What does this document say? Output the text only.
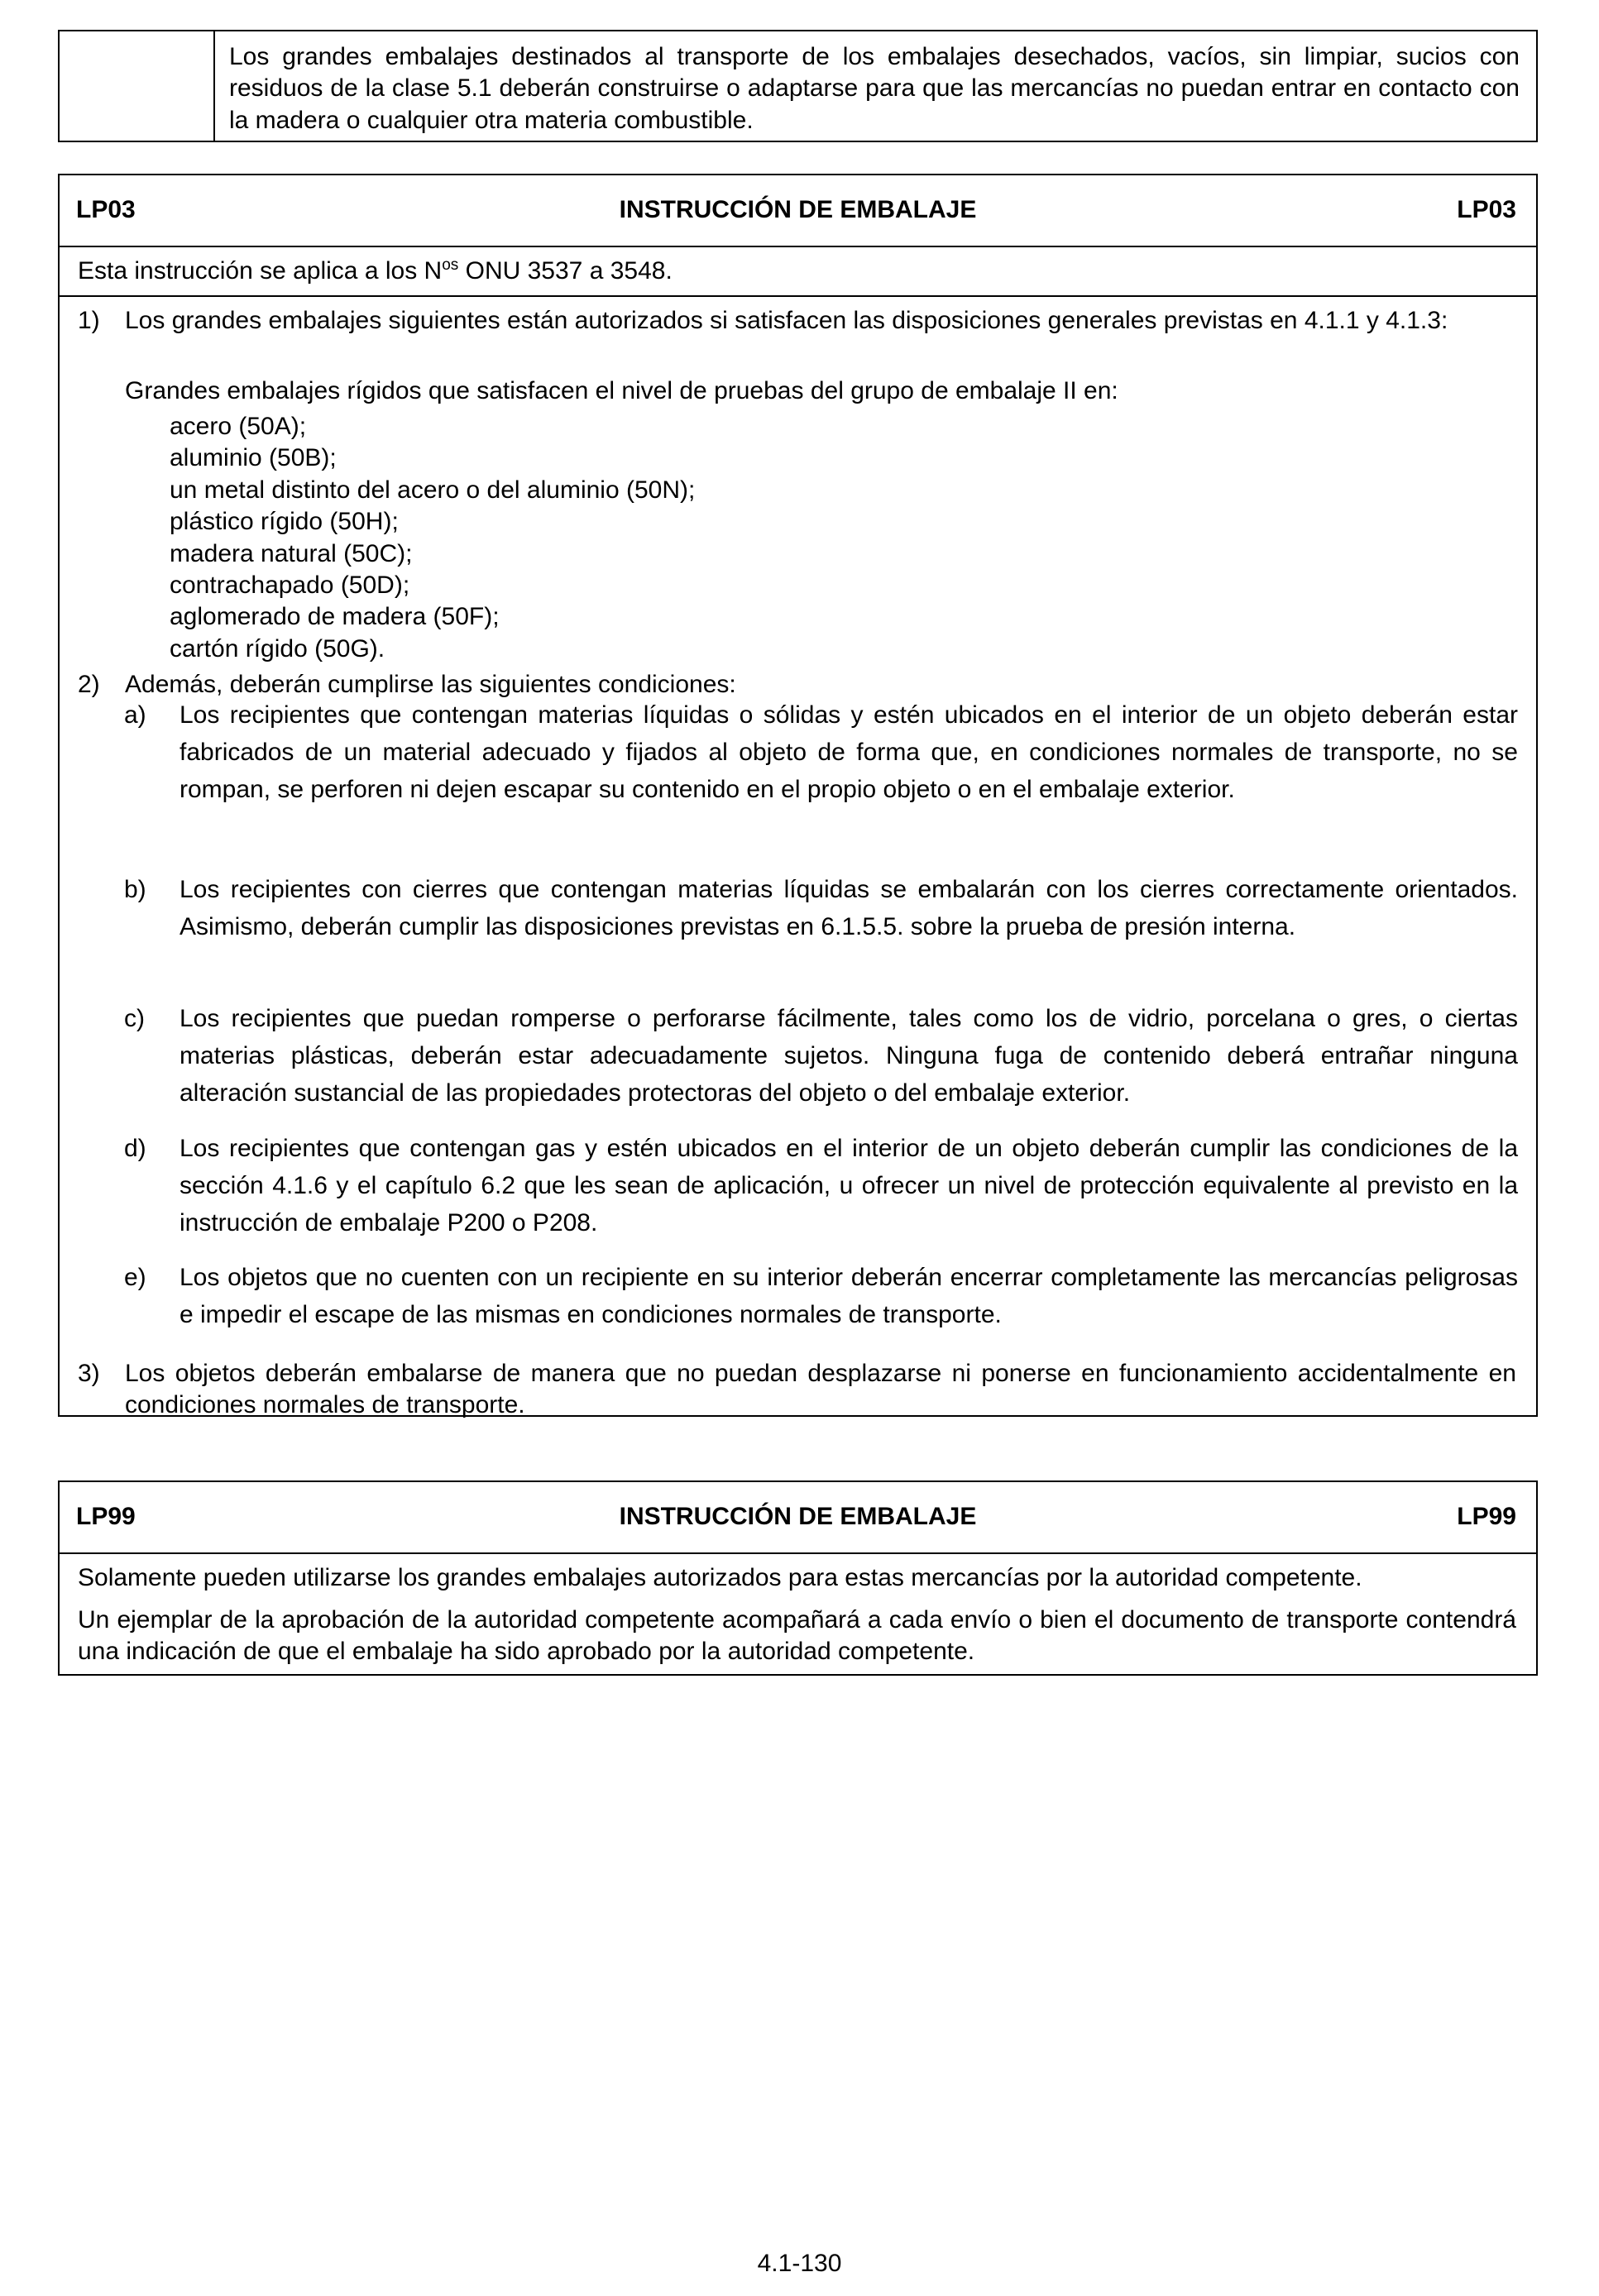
Los grandes embalajes destinados al transporte de los embalajes desechados, vacíos, sin limpiar, sucios con residuos de la clase 5.1 deberán construirse o adaptarse para que las mercancías no puedan entrar en contacto con la madera o cualquier otra materia combustible.
LP03	INSTRUCCIÓN DE EMBALAJE	LP03
Esta instrucción se aplica a los $N^{os}$ ONU 3537 a 3548.
1) Los grandes embalajes siguientes están autorizados si satisfacen las disposiciones generales previstas en 4.1.1 y 4.1.3:
Grandes embalajes rígidos que satisfacen el nivel de pruebas del grupo de embalaje II en:
acero (50A);
aluminio (50B);
un metal distinto del acero o del aluminio (50N);
plástico rígido (50H);
madera natural (50C);
contrachapado (50D);
aglomerado de madera (50F);
cartón rígido (50G).
2) Además, deberán cumplirse las siguientes condiciones:
a) Los recipientes que contengan materias líquidas o sólidas y estén ubicados en el interior de un objeto deberán estar fabricados de un material adecuado y fijados al objeto de forma que, en condiciones normales de transporte, no se rompan, se perforen ni dejen escapar su contenido en el propio objeto o en el embalaje exterior.
b) Los recipientes con cierres que contengan materias líquidas se embalarán con los cierres correctamente orientados. Asimismo, deberán cumplir las disposiciones previstas en 6.1.5.5. sobre la prueba de presión interna.
c) Los recipientes que puedan romperse o perforarse fácilmente, tales como los de vidrio, porcelana o gres, o ciertas materias plásticas, deberán estar adecuadamente sujetos. Ninguna fuga de contenido deberá entrañar ninguna alteración sustancial de las propiedades protectoras del objeto o del embalaje exterior.
d) Los recipientes que contengan gas y estén ubicados en el interior de un objeto deberán cumplir las condiciones de la sección 4.1.6 y el capítulo 6.2 que les sean de aplicación, u ofrecer un nivel de protección equivalente al previsto en la instrucción de embalaje P200 o P208.
e) Los objetos que no cuenten con un recipiente en su interior deberán encerrar completamente las mercancías peligrosas e impedir el escape de las mismas en condiciones normales de transporte.
3) Los objetos deberán embalarse de manera que no puedan desplazarse ni ponerse en funcionamiento accidentalmente en condiciones normales de transporte.
LP99	INSTRUCCIÓN DE EMBALAJE	LP99
Solamente pueden utilizarse los grandes embalajes autorizados para estas mercancías por la autoridad competente.
Un ejemplar de la aprobación de la autoridad competente acompañará a cada envío o bien el documento de transporte contendrá una indicación de que el embalaje ha sido aprobado por la autoridad competente.
4.1-130
